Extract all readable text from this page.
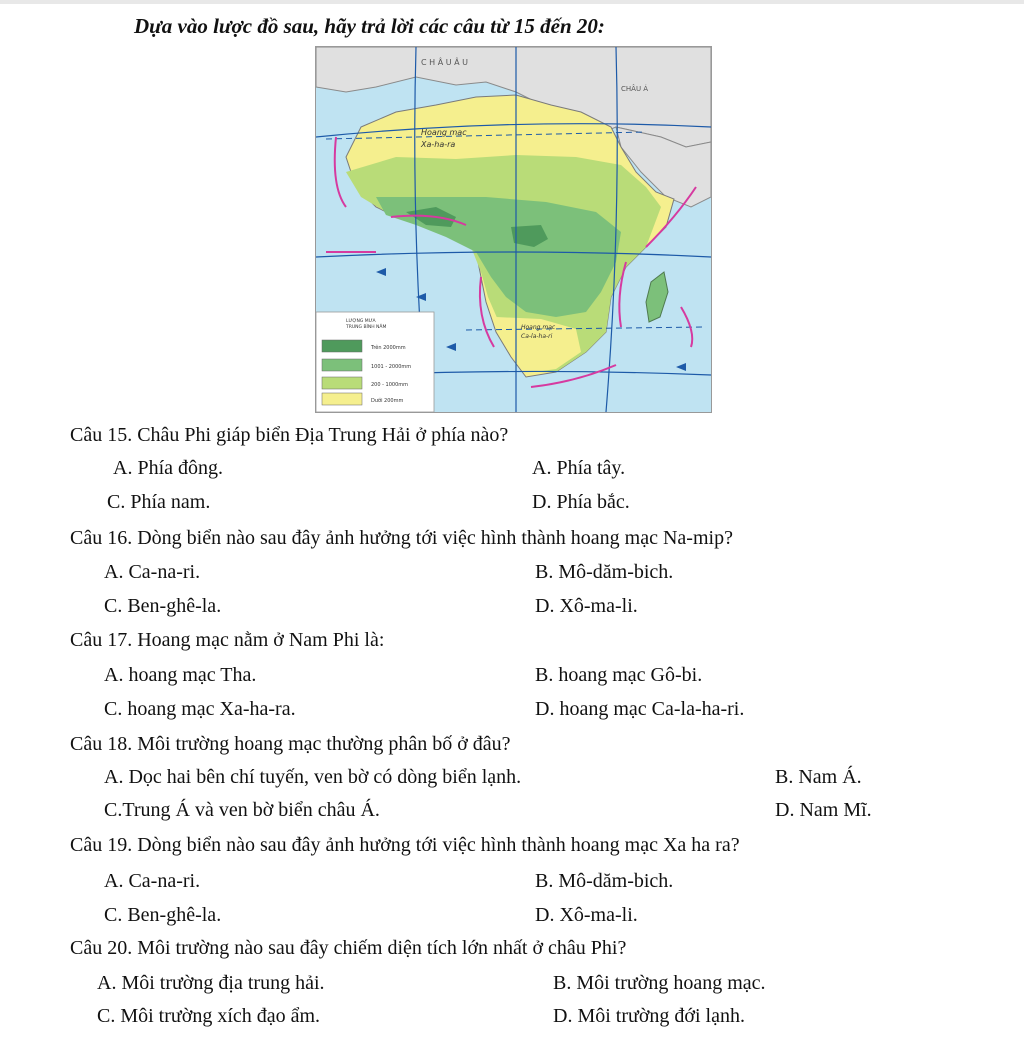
Dựa vào lược đồ sau, hãy trả lời các câu từ 15 đến 20:
C H Â U Â U
CHÂU Á
Hoang mạc
Xa-ha-ra
Hoang mạc
Ca-la-ha-ri
LƯỢNG MƯA
TRUNG BÌNH NĂM
Trên 2000mm
1001 - 2000mm
200 - 1000mm
Dưới 200mm
Câu 15. Châu Phi giáp biển Địa Trung Hải ở phía nào?
A. Phía đông.	A. Phía tây.
C. Phía nam.	D. Phía bắc.
Câu 16. Dòng biển nào sau đây ảnh hưởng tới việc hình thành hoang mạc Na-mip?
A. Ca-na-ri.	B. Mô-dăm-bich.
C. Ben-ghê-la.	D. Xô-ma-li.
Câu 17. Hoang mạc nằm ở Nam Phi là:
A. hoang mạc Tha.	B. hoang mạc Gô-bi.
C. hoang mạc Xa-ha-ra.	D. hoang mạc Ca-la-ha-ri.
Câu 18. Môi trường hoang mạc thường phân bố ở đâu?
A. Dọc hai bên chí tuyến, ven bờ có dòng biển lạnh.	B. Nam Á.
C.Trung Á và ven bờ biển châu Á.	D. Nam Mĩ.
Câu 19. Dòng biển nào sau đây ảnh hưởng tới việc hình thành hoang mạc Xa ha ra?
A. Ca-na-ri.	B. Mô-dăm-bich.
C. Ben-ghê-la.	D. Xô-ma-li.
Câu 20. Môi trường nào sau đây chiếm diện tích lớn nhất ở châu Phi?
A. Môi trường địa trung hải.	B. Môi trường hoang mạc.
C. Môi trường xích đạo ẩm.	D. Môi trường đới lạnh.
